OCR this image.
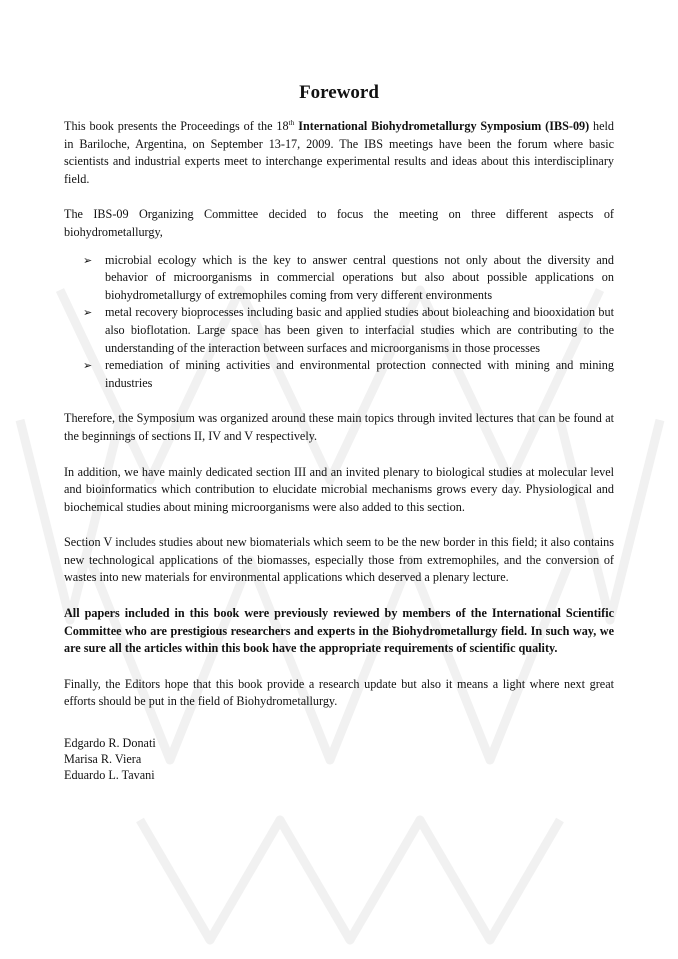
Foreword

This book presents the Proceedings of the 18th International Biohydrometallurgy Symposium (IBS-09) held in Bariloche, Argentina, on September 13-17, 2009. The IBS meetings have been the forum where basic scientists and industrial experts meet to interchange experimental results and ideas about this interdisciplinary field.

The IBS-09 Organizing Committee decided to focus the meeting on three different aspects of biohydrometallurgy,

➢ microbial ecology which is the key to answer central questions not only about the diversity and behavior of microorganisms in commercial operations but also about possible applications on biohydrometallurgy of extremophiles coming from very different environments
➢ metal recovery bioprocesses including basic and applied studies about bioleaching and biooxidation but also bioflotation. Large space has been given to interfacial studies which are contributing to the understanding of the interaction between surfaces and microorganisms in those processes
➢ remediation of mining activities and environmental protection connected with mining and mining industries

Therefore, the Symposium was organized around these main topics through invited lectures that can be found at the beginnings of sections II, IV and V respectively.

In addition, we have mainly dedicated section III and an invited plenary to biological studies at molecular level and bioinformatics which contribution to elucidate microbial mechanisms grows every day. Physiological and biochemical studies about mining microorganisms were also added to this section.

Section V includes studies about new biomaterials which seem to be the new border in this field; it also contains new technological applications of the biomasses, especially those from extremophiles, and the conversion of wastes into new materials for environmental applications which deserved a plenary lecture.

All papers included in this book were previously reviewed by members of the International Scientific Committee who are prestigious researchers and experts in the Biohydrometallurgy field. In such way, we are sure all the articles within this book have the appropriate requirements of scientific quality.

Finally, the Editors hope that this book provide a research update but also it means a light where next great efforts should be put in the field of Biohydrometallurgy.

Edgardo R. Donati
Marisa R. Viera
Eduardo L. Tavani
